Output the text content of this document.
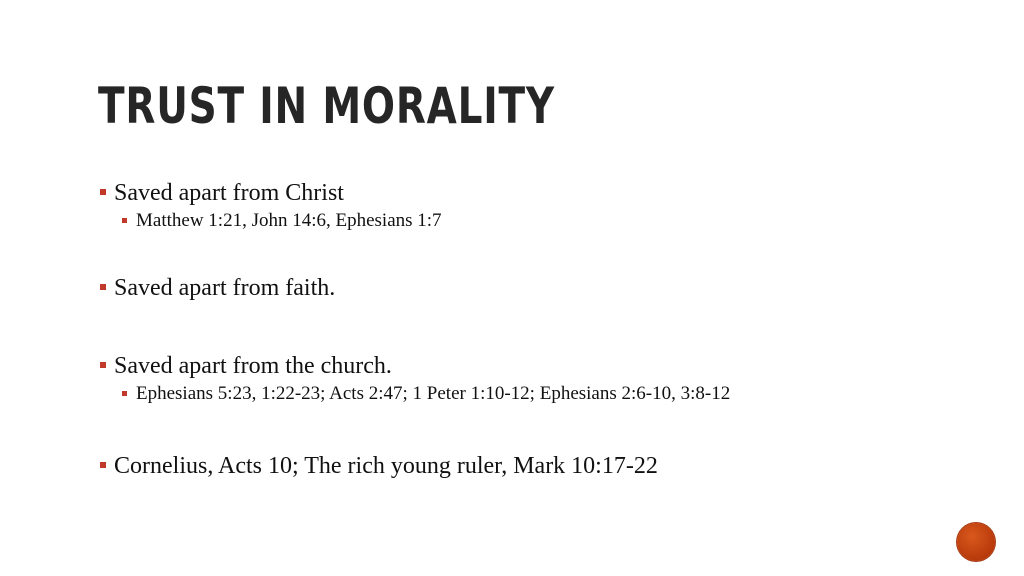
TRUST IN MORALITY
Saved apart from Christ
Matthew 1:21, John 14:6, Ephesians 1:7
Saved apart from faith.
Saved apart from the church.
Ephesians 5:23, 1:22-23; Acts 2:47; 1 Peter 1:10-12; Ephesians 2:6-10, 3:8-12
Cornelius, Acts 10; The rich young ruler, Mark 10:17-22
